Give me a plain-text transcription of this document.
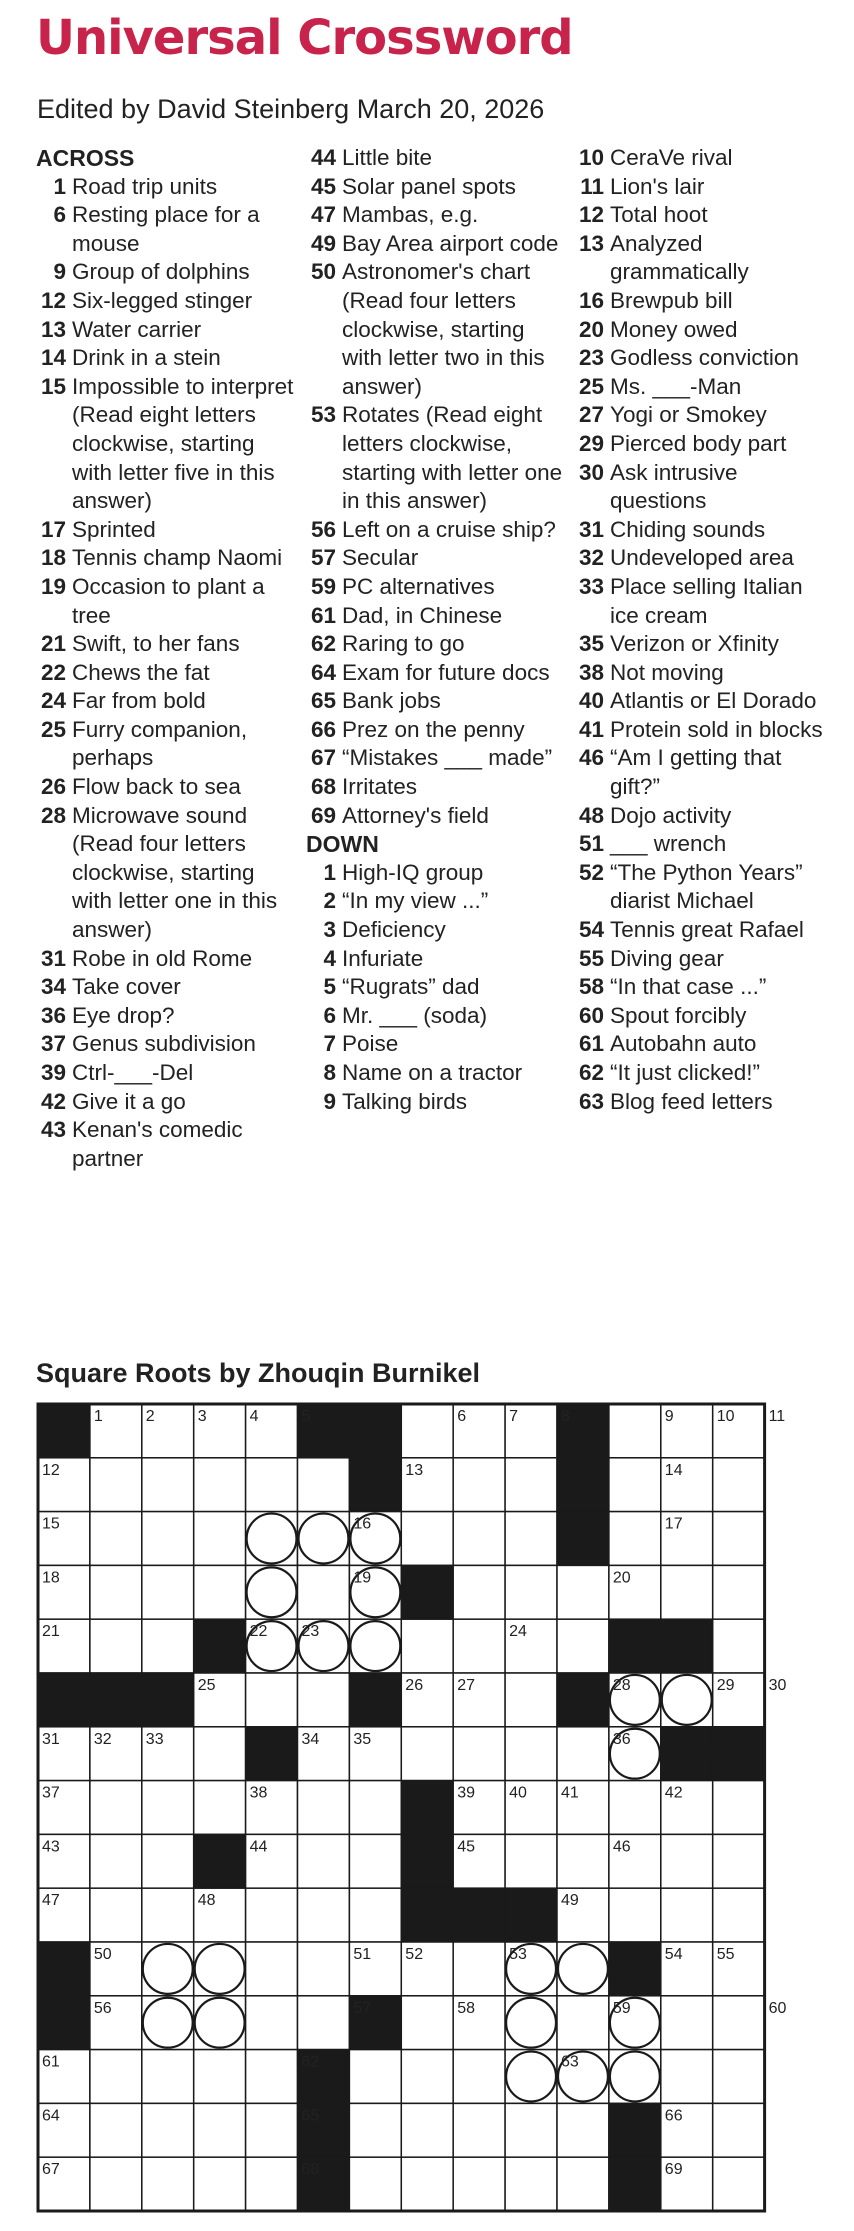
Universal Crossword
Edited by David Steinberg March 20, 2026
ACROSS
1 Road trip units
6 Resting place for a mouse
9 Group of dolphins
12 Six-legged stinger
13 Water carrier
14 Drink in a stein
15 Impossible to interpret (Read eight letters clockwise, starting with letter five in this answer)
17 Sprinted
18 Tennis champ Naomi
19 Occasion to plant a tree
21 Swift, to her fans
22 Chews the fat
24 Far from bold
25 Furry companion, perhaps
26 Flow back to sea
28 Microwave sound (Read four letters clockwise, starting with letter one in this answer)
31 Robe in old Rome
34 Take cover
36 Eye drop?
37 Genus subdivision
39 Ctrl-___-Del
42 Give it a go
43 Kenan's comedic partner
44 Little bite
45 Solar panel spots
47 Mambas, e.g.
49 Bay Area airport code
50 Astronomer's chart (Read four letters clockwise, starting with letter two in this answer)
53 Rotates (Read eight letters clockwise, starting with letter one in this answer)
56 Left on a cruise ship?
57 Secular
59 PC alternatives
61 Dad, in Chinese
62 Raring to go
64 Exam for future docs
65 Bank jobs
66 Prez on the penny
67 “Mistakes ___ made”
68 Irritates
69 Attorney's field
DOWN
1 High-IQ group
2 “In my view ...”
3 Deficiency
4 Infuriate
5 “Rugrats” dad
6 Mr. ___ (soda)
7 Poise
8 Name on a tractor
9 Talking birds
10 CeraVe rival
11 Lion's lair
12 Total hoot
13 Analyzed grammatically
16 Brewpub bill
20 Money owed
23 Godless conviction
25 Ms. ___-Man
27 Yogi or Smokey
29 Pierced body part
30 Ask intrusive questions
31 Chiding sounds
32 Undeveloped area
33 Place selling Italian ice cream
35 Verizon or Xfinity
38 Not moving
40 Atlantis or El Dorado
41 Protein sold in blocks
46 “Am I getting that gift?”
48 Dojo activity
51 ___ wrench
52 “The Python Years” diarist Michael
54 Tennis great Rafael
55 Diving gear
58 “In that case ...”
60 Spout forcibly
61 Autobahn auto
62 “It just clicked!”
63 Blog feed letters
Square Roots by Zhouqin Burnikel
1	2	3	4	5	6	7	8	9	10 11
12	13	14
15	16	17
18	19	20
21	22 23	24
25	26 27	28	29 30
31 32 33	34 35	36
37	38	39 40 41	42
43	44	45	46
47	48	49
50	51 52	53	54 55
56	57	58	59	60
61	62	63
64	65	66
67	68	69
